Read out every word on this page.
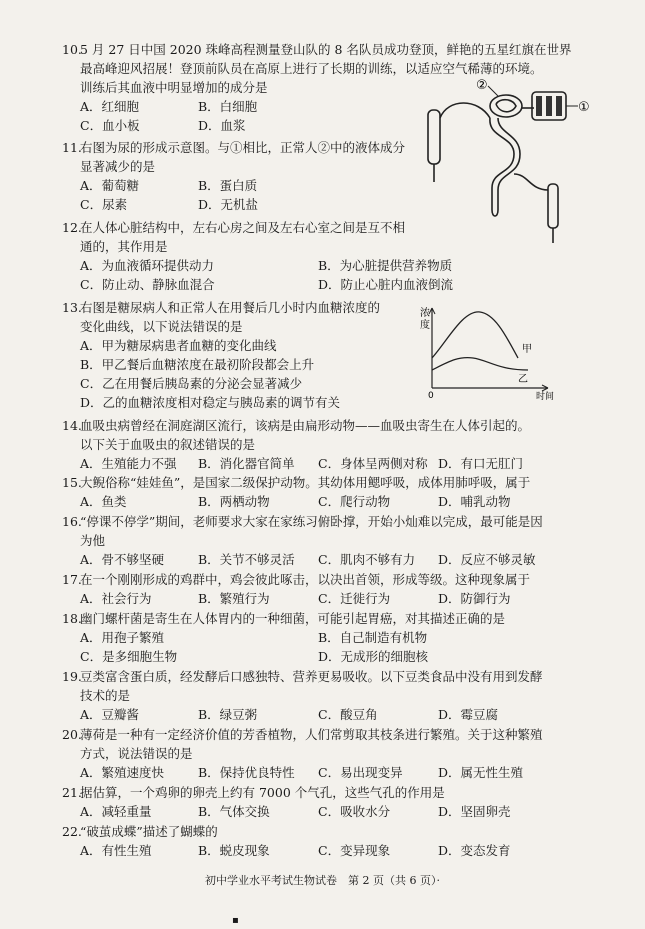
10.5 月 27 日中国 2020 珠峰高程测量登山队的 8 名队员成功登顶，鲜艳的五星红旗在世界
最高峰迎风招展！登顶前队员在高原上进行了长期的训练，以适应空气稀薄的环境。
训练后其血液中明显增加的成分是
A．红细胞	B．白细胞
C．血小板	D．血浆
11.右图为尿的形成示意图。与①相比，正常人②中的液体成分
显著减少的是
A．葡萄糖	B．蛋白质
C．尿素	D．无机盐
12.在人体心脏结构中，左右心房之间及左右心室之间是互不相
通的，其作用是
A．为血液循环提供动力	B．为心脏提供营养物质
C．防止动、静脉血混合	D．防止心脏内血液倒流
13.右图是糖尿病人和正常人在用餐后几小时内血糖浓度的
变化曲线，以下说法错误的是
A．甲为糖尿病患者血糖的变化曲线
B．甲乙餐后血糖浓度在最初阶段都会上升
C．乙在用餐后胰岛素的分泌会显著减少
D．乙的血糖浓度相对稳定与胰岛素的调节有关
14.血吸虫病曾经在洞庭湖区流行，该病是由扁形动物——血吸虫寄生在人体引起的。
以下关于血吸虫的叙述错误的是
A．生殖能力不强 B．消化器官简单 C．身体呈两侧对称 D．有口无肛门
15.大鲵俗称“娃娃鱼”，是国家二级保护动物。其幼体用鳃呼吸，成体用肺呼吸，属于
A．鱼类	B．两栖动物	C．爬行动物	D．哺乳动物
16.“停课不停学”期间，老师要求大家在家练习俯卧撑，开始小灿难以完成，最可能是因
为他
A．骨不够坚硬	B．关节不够灵活 C．肌肉不够有力 D．反应不够灵敏
17.在一个刚刚形成的鸡群中，鸡会彼此啄击，以决出首领，形成等级。这种现象属于
A．社会行为	B．繁殖行为	C．迁徙行为	D．防御行为
18.幽门螺杆菌是寄生在人体胃内的一种细菌，可能引起胃癌，对其描述正确的是
A．用孢子繁殖	B．自己制造有机物
C．是多细胞生物	D．无成形的细胞核
19.豆类富含蛋白质，经发酵后口感独特、营养更易吸收。以下豆类食品中没有用到发酵
技术的是
A．豆瓣酱	B．绿豆粥	C．酸豆角	D．霉豆腐
20.薄荷是一种有一定经济价值的芳香植物，人们常剪取其枝条进行繁殖。关于这种繁殖
方式，说法错误的是
A．繁殖速度快	B．保持优良特性 C．易出现变异	D．属无性生殖
21.据估算，一个鸡卵的卵壳上约有 7000 个气孔，这些气孔的作用是
A．减轻重量	B．气体交换	C．吸收水分	D．坚固卵壳
22.“破茧成蝶”描述了蝴蝶的
A．有性生殖	B．蜕皮现象	C．变异现象	D．变态发育
②
①
浓
度
甲
乙
0	时间
初中学业水平考试生物试卷　第 2 页（共 6 页）·
▪
